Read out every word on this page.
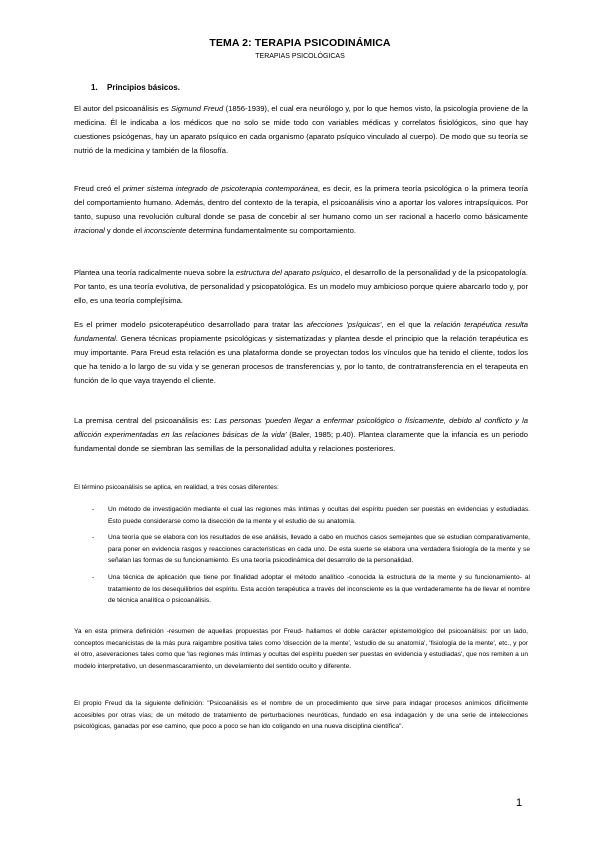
TEMA 2: TERAPIA PSICODINÁMICA
TERAPIAS PSICOLÓGICAS
1. Principios básicos.
El autor del psicoanálisis es Sigmund Freud (1856-1939), el cual era neurólogo y, por lo que hemos visto, la psicología proviene de la medicina. Él le indicaba a los médicos que no solo se mide todo con variables médicas y correlatos fisiológicos, sino que hay cuestiones psicógenas, hay un aparato psíquico en cada organismo (aparato psíquico vinculado al cuerpo). De modo que su teoría se nutrió de la medicina y también de la filosofía.
Freud creó el primer sistema integrado de psicoterapia contemporánea, es decir, es la primera teoría psicológica o la primera teoría del comportamiento humano. Además, dentro del contexto de la terapia, el psicoanálisis vino a aportar los valores intrapsíquicos. Por tanto, supuso una revolución cultural donde se pasa de concebir al ser humano como un ser racional a hacerlo como básicamente irracional y donde el inconsciente determina fundamentalmente su comportamiento.
Plantea una teoría radicalmente nueva sobre la estructura del aparato psíquico, el desarrollo de la personalidad y de la psicopatología. Por tanto, es una teoría evolutiva, de personalidad y psicopatológica. Es un modelo muy ambicioso porque quiere abarcarlo todo y, por ello, es una teoría complejísima.
Es el primer modelo psicoterapéutico desarrollado para tratar las afecciones 'psíquicas', en el que la relación terapéutica resulta fundamental. Genera técnicas propiamente psicológicas y sistematizadas y plantea desde el principio que la relación terapéutica es muy importante. Para Freud esta relación es una plataforma donde se proyectan todos los vínculos que ha tenido el cliente, todos los que ha tenido a lo largo de su vida y se generan procesos de transferencias y, por lo tanto, de contratransferencia en el terapeuta en función de lo que vaya trayendo el cliente.
La premisa central del psicoanálisis es: Las personas 'pueden llegar a enfermar psicológico o físicamente, debido al conflicto y la aflicción experimentadas en las relaciones básicas de la vida' (Baler, 1985; p.40). Plantea claramente que la infancia es un periodo fundamental donde se siembran las semillas de la personalidad adulta y relaciones posteriores.
El término psicoanálisis se aplica, en realidad, a tres cosas diferentes:
- Un método de investigación mediante el cual las regiones más íntimas y ocultas del espíritu pueden ser puestas en evidencias y estudiadas. Esto puede considerarse como la disección de la mente y el estudio de su anatomía.
- Una teoría que se elabora con los resultados de ese análisis, llevado a cabo en muchos casos semejantes que se estudian comparativamente, para poner en evidencia rasgos y reacciones características en cada uno. De esta suerte se elabora una verdadera fisiología de la mente y se señalan las formas de su funcionamiento. Es una teoría psicodinámica del desarrollo de la personalidad.
- Una técnica de aplicación que tiene por finalidad adoptar el método analítico -conocida la estructura de la mente y su funcionamiento- al tratamiento de los desequilibrios del espíritu. Esta acción terapéutica a través del inconsciente es la que verdaderamente ha de llevar el nombre de técnica analítica o psicoanálisis.
Ya en esta primera definición -resumen de aquellas propuestas por Freud- hallamos el doble carácter epistemológico del psicoanálisis: por un lado, conceptos mecanicistas de la más pura raigambre positiva tales como 'disección de la mente', 'estudio de su anatomía', 'fisiología de la mente', etc., y por el otro, aseveraciones tales como que 'las regiones más íntimas y ocultas del espíritu pueden ser puestas en evidencia y estudiadas', que nos remiten a un modelo interpretativo, un desenmascaramiento, un develamiento del sentido oculto y diferente.
El propio Freud da la siguiente definición: "Psicoanálisis es el nombre de un procedimiento que sirve para indagar procesos anímicos difícilmente accesibles por otras vías; de un método de tratamiento de perturbaciones neuróticas, fundado en esa indagación y de una serie de intelecciones psicológicas, ganadas por ese camino, que poco a poco se han ido coligando en una nueva disciplina científica".
1
